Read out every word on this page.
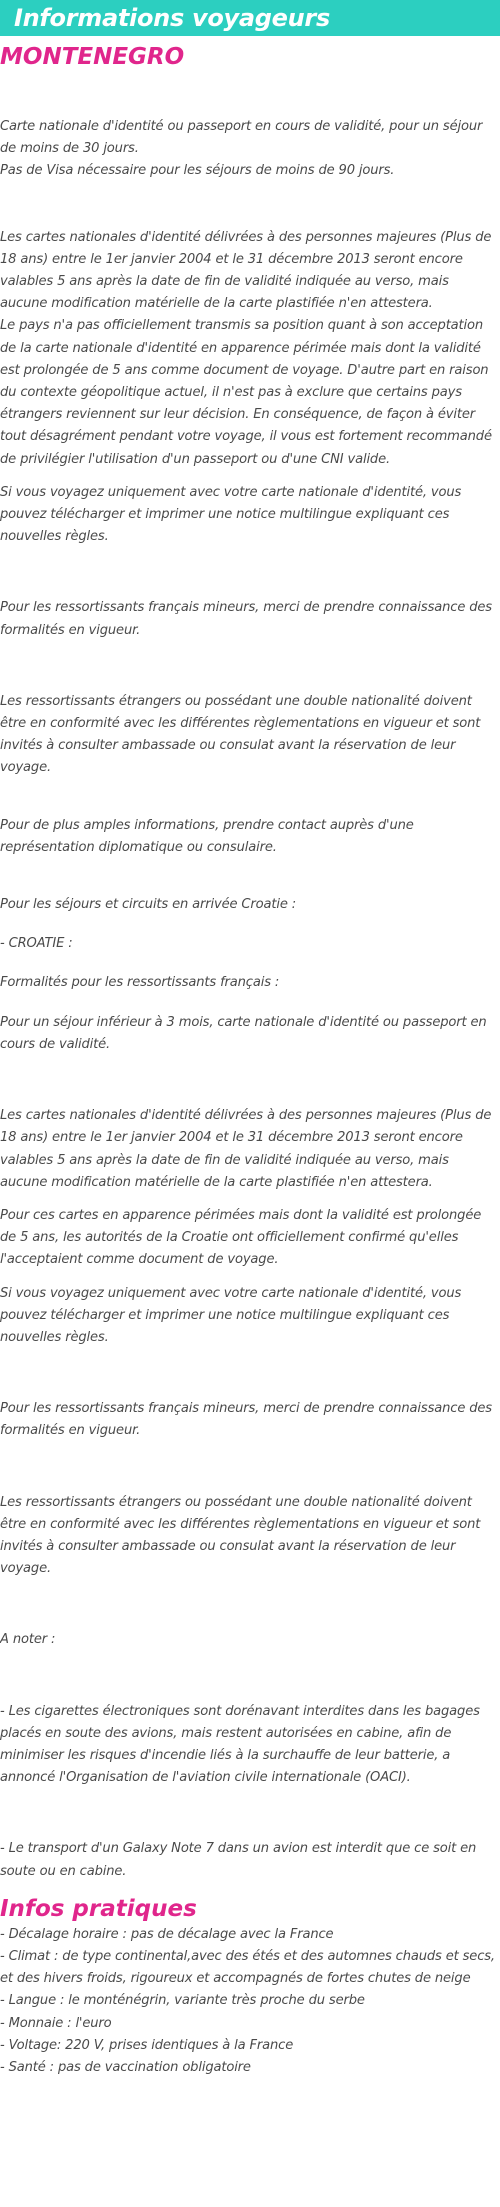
Informations voyageurs
MONTENEGRO

Carte nationale d'identité ou passeport en cours de validité, pour un séjour de moins de 30 jours.

Pas de Visa nécessaire pour les séjours de moins de 90 jours.

Les cartes nationales d'identité délivrées à des personnes majeures (Plus de 18 ans) entre le 1er janvier 2004 et le 31 décembre 2013 seront encore valables 5 ans après la date de fin de validité indiquée au verso, mais aucune modification matérielle de la carte plastifiée n'en attestera.

Le pays n'a pas officiellement transmis sa position quant à son acceptation de la carte nationale d'identité en apparence périmée mais dont la validité est prolongée de 5 ans comme document de voyage. D'autre part en raison du contexte géopolitique actuel, il n'est pas à exclure que certains pays étrangers reviennent sur leur décision. En conséquence, de façon à éviter tout désagrément pendant votre voyage, il vous est fortement recommandé de privilégier l'utilisation d'un passeport ou d'une CNI valide.

Si vous voyagez uniquement avec votre carte nationale d'identité, vous pouvez télécharger et imprimer une notice multilingue expliquant ces nouvelles règles.

Pour les ressortissants français mineurs, merci de prendre connaissance des formalités en vigueur.

Les ressortissants étrangers ou possédant une double nationalité doivent être en conformité avec les différentes règlementations en vigueur et sont invités à consulter ambassade ou consulat avant la réservation de leur voyage.

Pour de plus amples informations, prendre contact auprès d'une représentation diplomatique ou consulaire.

Pour les séjours et circuits en arrivée Croatie :

- CROATIE :

Formalités pour les ressortissants français :

Pour un séjour inférieur à 3 mois, carte nationale d'identité ou passeport en cours de validité.

Les cartes nationales d'identité délivrées à des personnes majeures (Plus de 18 ans) entre le 1er janvier 2004 et le 31 décembre 2013 seront encore valables 5 ans après la date de fin de validité indiquée au verso, mais aucune modification matérielle de la carte plastifiée n'en attestera.

Pour ces cartes en apparence périmées mais dont la validité est prolongée de 5 ans, les autorités de la Croatie ont officiellement confirmé qu'elles l'acceptaient comme document de voyage.

Si vous voyagez uniquement avec votre carte nationale d'identité, vous pouvez télécharger et imprimer une notice multilingue expliquant ces nouvelles règles.

Pour les ressortissants français mineurs, merci de prendre connaissance des formalités en vigueur.

Les ressortissants étrangers ou possédant une double nationalité doivent être en conformité avec les différentes règlementations en vigueur et sont invités à consulter ambassade ou consulat avant la réservation de leur voyage.

A noter :

- Les cigarettes électroniques sont dorénavant interdites dans les bagages placés en soute des avions, mais restent autorisées en cabine, afin de minimiser les risques d'incendie liés à la surchauffe de leur batterie, a annoncé l'Organisation de l'aviation civile internationale (OACI).

- Le transport d'un Galaxy Note 7 dans un avion est interdit que ce soit en soute ou en cabine.

Infos pratiques
- Décalage horaire : pas de décalage avec la France
- Climat : de type continental,avec des étés et des automnes chauds et secs, et des hivers froids, rigoureux et accompagnés de fortes chutes de neige
- Langue : le monténégrin, variante très proche du serbe
- Monnaie : l'euro
- Voltage: 220 V, prises identiques à la France
- Santé : pas de vaccination obligatoire
